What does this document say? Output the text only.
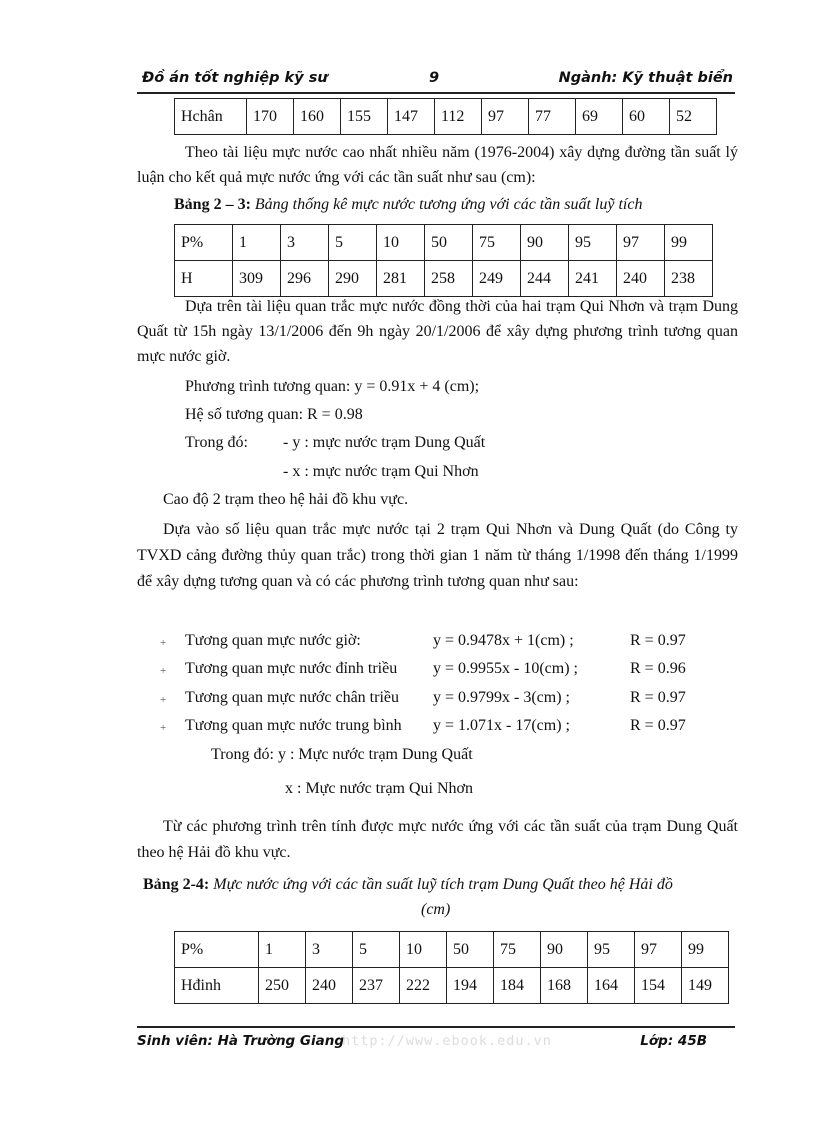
Đồ án tốt nghiệp kỹ sư	9	Ngành: Kỹ thuật biển
Hchân	170	160	155	147	112	97	77	69	60	52
Theo tài liệu mực nước cao nhất nhiều năm (1976-2004) xây dựng đường tần suất lý luận cho kết quả mực nước ứng với các tần suất như sau (cm):
Bảng 2 – 3: Bảng thống kê mực nước tương ứng với các tần suất luỹ tích
P%	1	3	5	10	50	75	90	95	97	99
H	309	296	290	281	258	249	244	241	240	238
Dựa trên tài liệu quan trắc mực nước đồng thời của hai trạm Qui Nhơn và trạm Dung Quất từ 15h ngày 13/1/2006 đến 9h ngày 20/1/2006 để xây dựng phương trình tương quan mực nước giờ.
Phương trình tương quan: y = 0.91x + 4 (cm);
Hệ số tương quan: R = 0.98
Trong đó: - y : mực nước trạm Dung Quất
- x : mực nước trạm Qui Nhơn
Cao độ 2 trạm theo hệ hải đồ khu vực.
Dựa vào số liệu quan trắc mực nước tại 2 trạm Qui Nhơn và Dung Quất (do Công ty TVXD cảng đường thủy quan trắc) trong thời gian 1 năm từ tháng 1/1998 đến tháng 1/1999 để xây dựng tương quan và có các phương trình tương quan như sau:
+ Tương quan mực nước giờ:	y = 0.9478x + 1(cm) ;	R = 0.97
+ Tương quan mực nước đỉnh triều y = 0.9955x - 10(cm) ;	R = 0.96
+ Tương quan mực nước chân triều y = 0.9799x - 3(cm) ;	R = 0.97
+ Tương quan mực nước trung bình y = 1.071x - 17(cm) ;	R = 0.97
Trong đó: y : Mực nước trạm Dung Quất
x : Mực nước trạm Qui Nhơn
Từ các phương trình trên tính được mực nước ứng với các tần suất của trạm Dung Quất theo hệ Hải đồ khu vực.
Bảng 2-4: Mực nước ứng với các tần suất luỹ tích trạm Dung Quất theo hệ Hải đồ
(cm)
P%	1	3	5	10	50	75	90	95	97	99
Hđinh	250	240	237	222	194	184	168	164	154	149
Sinh viên: Hà Trường Giang
http://www.ebook.edu.vn	Lớp: 45B
